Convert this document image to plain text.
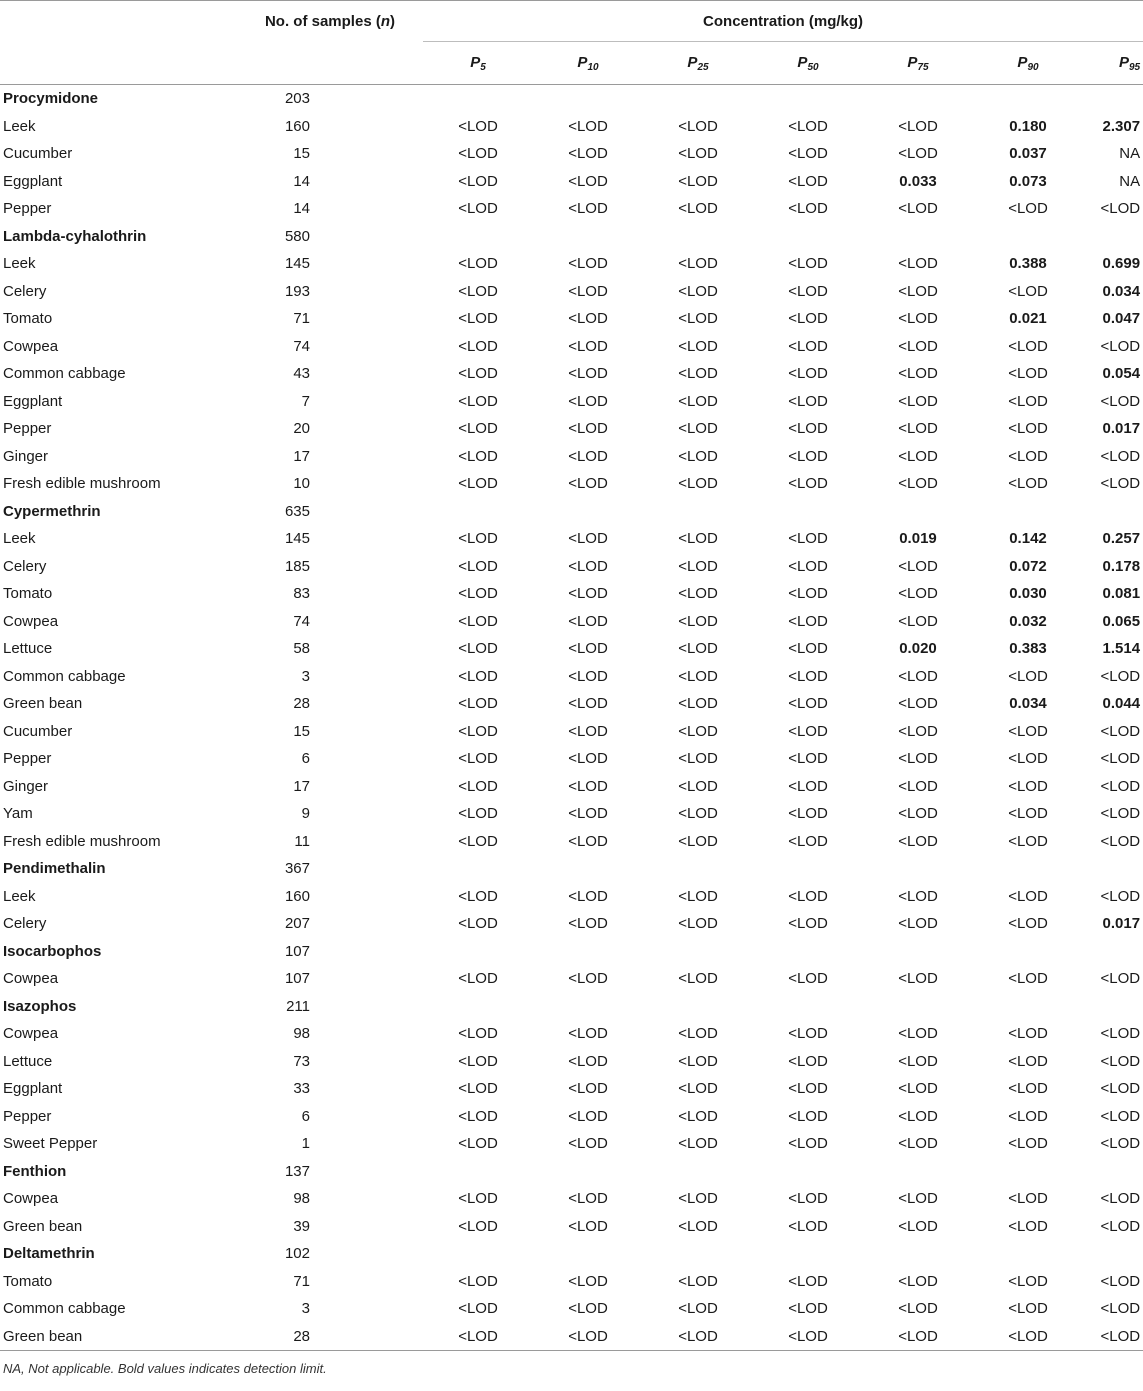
	No. of samples (n)		Concentration (mg/kg)						
			$P_5$	$P_{10}$	$P_{25}$	$P_{50}$	$P_{75}$	$P_{90}$	$P_{95}$
Procymidone	203								
Leek	160		<LOD	<LOD	<LOD	<LOD	<LOD	0.180	2.307
Cucumber	15		<LOD	<LOD	<LOD	<LOD	<LOD	0.037	NA
Eggplant	14		<LOD	<LOD	<LOD	<LOD	0.033	0.073	NA
Pepper	14		<LOD	<LOD	<LOD	<LOD	<LOD	<LOD	<LOD
Lambda-cyhalothrin	580								
Leek	145		<LOD	<LOD	<LOD	<LOD	<LOD	0.388	0.699
Celery	193		<LOD	<LOD	<LOD	<LOD	<LOD	<LOD	0.034
Tomato	71		<LOD	<LOD	<LOD	<LOD	<LOD	0.021	0.047
Cowpea	74		<LOD	<LOD	<LOD	<LOD	<LOD	<LOD	<LOD
Common cabbage	43		<LOD	<LOD	<LOD	<LOD	<LOD	<LOD	0.054
Eggplant	7		<LOD	<LOD	<LOD	<LOD	<LOD	<LOD	<LOD
Pepper	20		<LOD	<LOD	<LOD	<LOD	<LOD	<LOD	0.017
Ginger	17		<LOD	<LOD	<LOD	<LOD	<LOD	<LOD	<LOD
Fresh edible mushroom	10		<LOD	<LOD	<LOD	<LOD	<LOD	<LOD	<LOD
Cypermethrin	635								
Leek	145		<LOD	<LOD	<LOD	<LOD	0.019	0.142	0.257
Celery	185		<LOD	<LOD	<LOD	<LOD	<LOD	0.072	0.178
Tomato	83		<LOD	<LOD	<LOD	<LOD	<LOD	0.030	0.081
Cowpea	74		<LOD	<LOD	<LOD	<LOD	<LOD	0.032	0.065
Lettuce	58		<LOD	<LOD	<LOD	<LOD	0.020	0.383	1.514
Common cabbage	3		<LOD	<LOD	<LOD	<LOD	<LOD	<LOD	<LOD
Green bean	28		<LOD	<LOD	<LOD	<LOD	<LOD	0.034	0.044
Cucumber	15		<LOD	<LOD	<LOD	<LOD	<LOD	<LOD	<LOD
Pepper	6		<LOD	<LOD	<LOD	<LOD	<LOD	<LOD	<LOD
Ginger	17		<LOD	<LOD	<LOD	<LOD	<LOD	<LOD	<LOD
Yam	9		<LOD	<LOD	<LOD	<LOD	<LOD	<LOD	<LOD
Fresh edible mushroom	11		<LOD	<LOD	<LOD	<LOD	<LOD	<LOD	<LOD
Pendimethalin	367								
Leek	160		<LOD	<LOD	<LOD	<LOD	<LOD	<LOD	<LOD
Celery	207		<LOD	<LOD	<LOD	<LOD	<LOD	<LOD	0.017
Isocarbophos	107								
Cowpea	107		<LOD	<LOD	<LOD	<LOD	<LOD	<LOD	<LOD
Isazophos	211								
Cowpea	98		<LOD	<LOD	<LOD	<LOD	<LOD	<LOD	<LOD
Lettuce	73		<LOD	<LOD	<LOD	<LOD	<LOD	<LOD	<LOD
Eggplant	33		<LOD	<LOD	<LOD	<LOD	<LOD	<LOD	<LOD
Pepper	6		<LOD	<LOD	<LOD	<LOD	<LOD	<LOD	<LOD
Sweet Pepper	1		<LOD	<LOD	<LOD	<LOD	<LOD	<LOD	<LOD
Fenthion	137								
Cowpea	98		<LOD	<LOD	<LOD	<LOD	<LOD	<LOD	<LOD
Green bean	39		<LOD	<LOD	<LOD	<LOD	<LOD	<LOD	<LOD
Deltamethrin	102								
Tomato	71		<LOD	<LOD	<LOD	<LOD	<LOD	<LOD	<LOD
Common cabbage	3		<LOD	<LOD	<LOD	<LOD	<LOD	<LOD	<LOD
Green bean	28		<LOD	<LOD	<LOD	<LOD	<LOD	<LOD	<LOD
NA, Not applicable. Bold values indicates detection limit.
